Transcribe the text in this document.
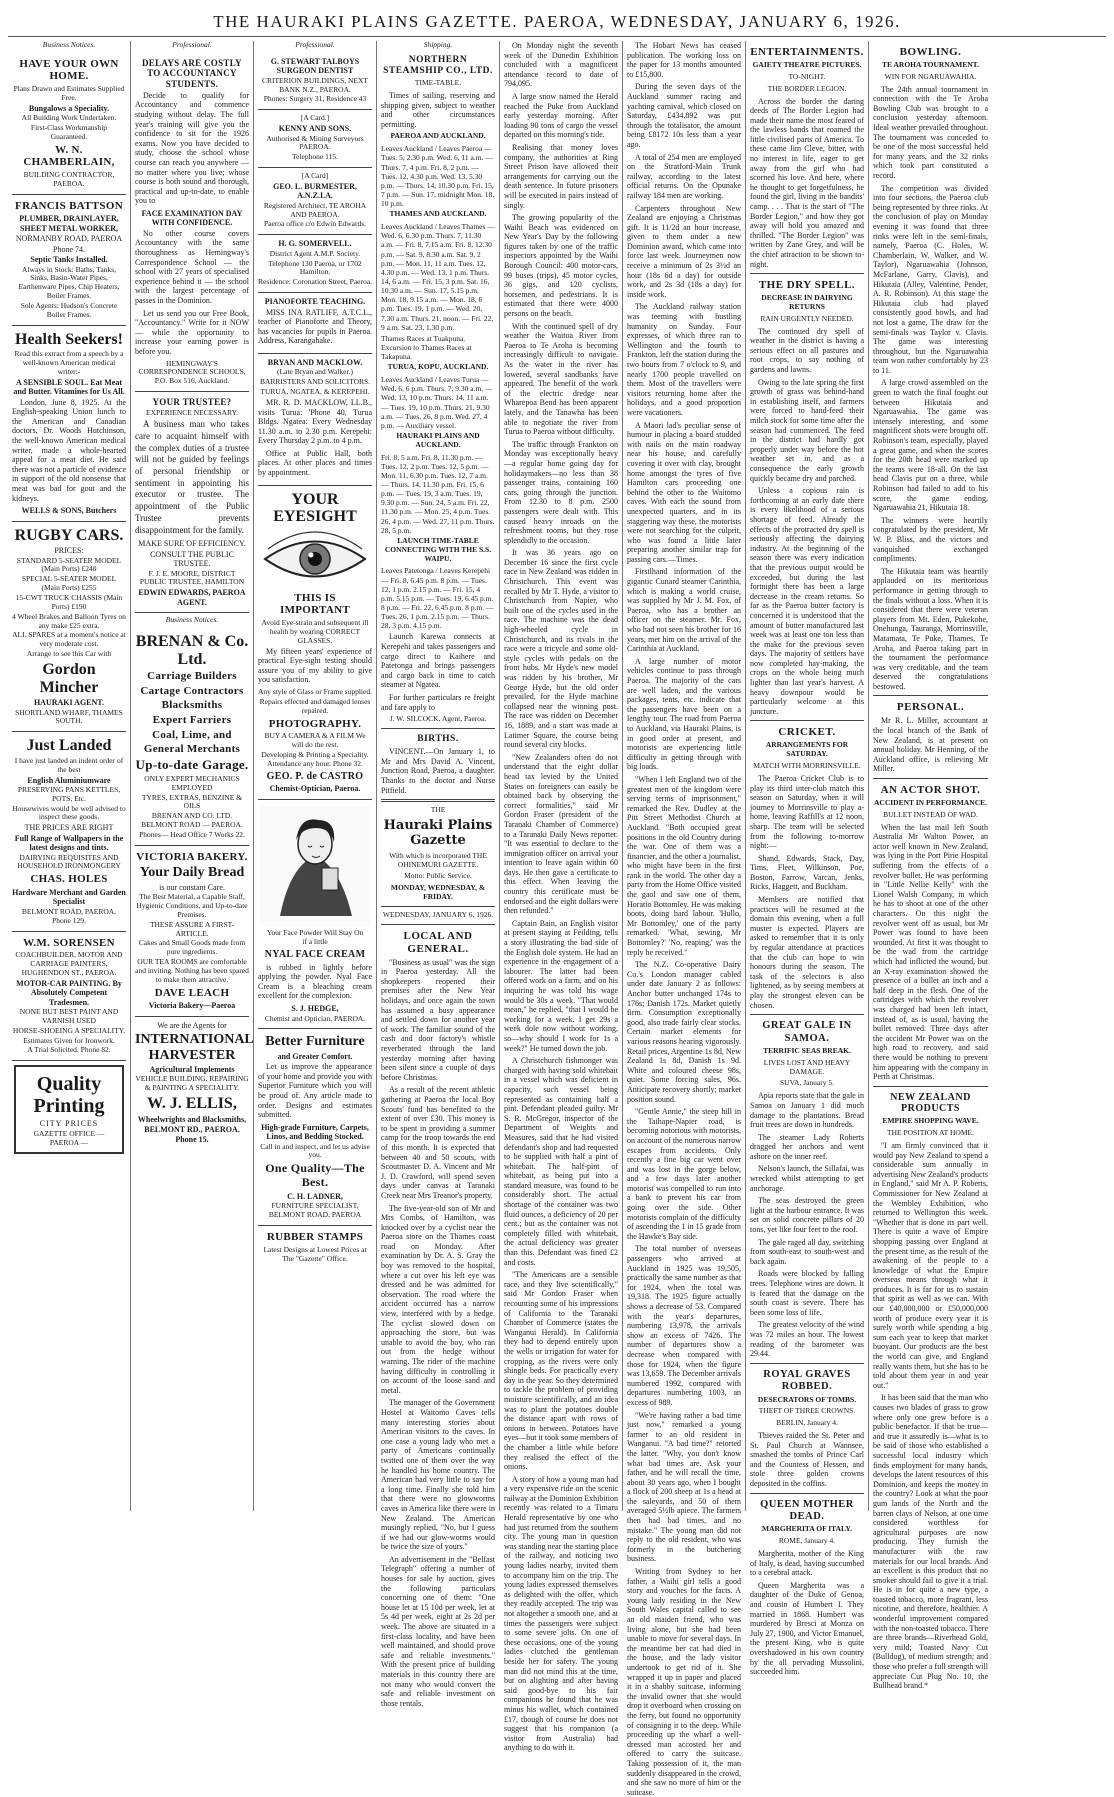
THE HAURAKI PLAINS GAZETTE. PAEROA, WEDNESDAY, JANUARY 6, 1926.
Business Notices.
HAVE YOUR OWN HOME.
Plans Drawn and Estimates Supplied Free.
Bungalows a Speciality.
All Building Work Undertaken.
First-Class Workmanship Guaranteed.
W. N. CHAMBERLAIN,
BUILDING CONTRACTOR, PAEROA.
FRANCIS BATTSON
PLUMBER, DRAINLAYER, SHEET METAL WORKER,
NORMANBY ROAD, PAEROA
Phone 74.
Septic Tanks Installed.
Always in Stock: Baths, Tanks, Sinks, Basin-Water Pipes, Earthenware Pipes, Chip Heaters, Boiler Frames.
Sole Agents: Hudson's Concrete Boiler Frames.
Health Seekers!
Read this extract from a speech by a well-known American medical writer:-
A SENSIBLE SOUL. Eat Meat and Butter. Vitamines for Us All.

London, June 8, 1925. At the English-speaking Union lunch to the American and Canadian doctors, Dr. Woods Hutchinson, the well-known American medical writer, made a whole-hearted appeal for a meat diet. He said there was not a particle of evidence in support of the old nonsense that meat was bad for gout and the kidneys.

WELLS & SONS, Butchers
RUGBY CARS.
PRICES:
STANDARD 5-SEATER MODEL (Main Ports) £240
SPECIAL 5-SEATER MODEL (Main Ports) £255
15-CWT TRUCK CHASSIS (Main Ports) £190
4 Wheel Brakes and Balloon Tyres on any make £25 extra.
ALL SPARES at a moment's notice at very moderate cost.
Arrange to see this Car with
Gordon Mincher
HAURAKI AGENT.
SHORTLAND WHARF, THAMES SOUTH.
Just Landed
I have just landed an indent order of the best
English Aluminiumware
PRESERVING PANS KETTLES, POTS, Etc.
Housewives would be well advised to inspect these goods.
THE PRICES ARE RIGHT
Full Range of Wallpapers in the latest designs and tints.
DAIRYING REQUISITES AND HOUSEHOLD IRONMONGERY
CHAS. HOLES
Hardware Merchant and Garden Specialist
BELMONT ROAD, PAEROA. Phone 129.
W.M. SORENSEN
COACHBUILDER, MOTOR AND CARRIAGE PAINTERS, HUGHENDON ST., PAEROA.
MOTOR-CAR PAINTING. By Absolutely Competent Tradesmen.
NONE BUT BEST PAINT AND VARNISH USED
HORSE-SHOEING A SPECIALITY.
Estimates Given for Ironwork.
A Trial Solicited. Phone 82.
Quality Printing
CITY PRICES
GAZETTE OFFICE — PAEROA —
Professional.
DELAYS ARE COSTLY TO ACCOUNTANCY STUDENTS.

Decide to qualify for Accountancy and commence studying without delay. The full year's training will give you the confidence to sit for the 1926 exams. Now you have decided to study, choose the school whose course can reach you anywhere — no matter where you live; whose course is both sound and thorough, practical and up-to-date, to enable you to

FACE EXAMINATION DAY WITH CONFIDENCE.

No other course covers Accountancy with the same thoroughness as Hemingway's Correspondence School — the school with 27 years of specialised experience behind it — the school with the largest percentage of passes in the Dominion.

Let us send you our Free Book, "Accountancy." Write for it NOW — while the opportunity to increase your earning power is before you.

HEMINGWAY'S CORRESPONDENCE SCHOOLS, P.O. Box 516, Auckland.
YOUR TRUSTEE?
EXPERIENCE NECESSARY.

A business man who takes care to acquaint himself with the complex duties of a trustee will not be guided by feelings of personal friendship or sentiment in appointing his executor or trustee. The appointment of the Public Trustee prevents disappointment for the family.

MAKE SURE OF EFFICIENCY.
CONSULT THE PUBLIC TRUSTEE.
F. J. E. MOORE, DISTRICT PUBLIC TRUSTEE, HAMILTON
EDWIN EDWARDS, PAEROA AGENT.
Business Notices.
BRENAN & Co. Ltd.
Carriage Builders
Cartage Contractors
Blacksmiths
Expert Farriers
Coal, Lime, and
General Merchants
Up-to-date Garage.
ONLY EXPERT MECHANICS EMPLOYED
TYRES, EXTRAS, BENZINE & OILS
BRENAN AND CO. LTD. BELMONT ROAD — PAEROA.
Phones— Head Office 7 Works 22.
VICTORIA BAKERY.
Your Daily Bread
is our constant Care.
The Best Material, a Capable Staff, Hygienic Conditions, and Up-to-date Premises.
THESE ASSURE A FIRST-ARTICLE.
Cakes and Small Goods made from pure ingredients.
OUR TEA ROOMS are comfortable and inviting. Nothing has been spared to make them attractive.
DAVE LEACH
Victoria Bakery—Paeroa
We are the Agents for
INTERNATIONAL HARVESTER
Agricultural Implements
VEHICLE BUILDING, REPAIRING & PAINTING A SPECIALITY.
W. J. ELLIS,
Wheelwrights and Blacksmiths,
BELMONT RD., PAEROA. Phone 15.
Professional.
G. STEWART TALBOYS SURGEON DENTIST
CRITERION BUILDINGS, NEXT BANK N.Z., PAEROA.
Phones: Surgery 31, Residence 43
[A Card.]
KENNY AND SONS.
Authorised & Mining Surveyors PAEROA.
Telephone 115.
[A Card]
GEO. L. BURMESTER, A.N.Z.I.A.
Registered Architect, TE AROHA AND PAEROA.
Paeroa office c/o Edwin Edwards.
H. G. SOMERVELL.
District Agent A.M.P. Society.
Telephone 130 Paeroa, or 1702 Hamilton.
Residence: Coronation Street, Paeroa.
PIANOFORTE TEACHING.

MISS INA RATLIFF, A.T.C.L., teacher of Pianoforte and Theory, has vacancies for pupils in Paeroa. Address, Karangahake.

BRYAN AND MACKLOW.
(Late Bryan and Walker.)
BARRISTERS AND SOLICITORS.
TURUA, NGATEA, & KEREPEHI.

MR. R. D. MACKLOW, LL.B., visits Turua: 'Phone 40, Turua Bldgs. Ngatea: Every Wednesday 11.30 a.m. to 2.30 p.m. Kerepehi: Every Thursday 2 p.m. to 4 p.m.

Office at Public Hall, both places. At other places and times by appointment.

YOUR EYESIGHT
THIS IS IMPORTANT
Avoid Eye-strain and subsequent ill health by wearing CORRECT GLASSES.

My fifteen years' experience of practical Eye-sight testing should assure you of my ability to give you satisfaction.

Any style of Glass or Frame supplied.
Repairs effected and damaged lenses repaired.
PHOTOGRAPHY.
BUY A CAMERA & A FILM We will do the rest.
Developing & Printing a Speciality. Attendance any hour. Phone 32.
GEO. P. de CASTRO
Chemist-Optician, Paeroa.
Your Face Powder Will Stay On
if a little
NYAL FACE CREAM

is rubbed in lightly before applying the powder. Nyal Face Cream is a bleaching cream excellent for the complexion.

S. J. HEDGE,
Chemist and Optician, PAEROA.
Better Furniture
and Greater Comfort.

Let us improve the appearance of your home and provide you with Superior Furniture which you will be proud of. Any article made to order. Designs and estimates submitted.

High-grade Furniture, Carpets, Linos, and Bedding Stocked.
Call in and inspect, and let us advise you.
One Quality—The Best.
C. H. LADNER,
FURNITURE SPECIALIST, BELMONT ROAD, PAEROA
RUBBER STAMPS
Latest Designs at Lowest Prices at The "Gazette" Office.
Shipping.
NORTHERN STEAMSHIP CO., LTD.
TIME-TABLE.

Times of sailing, reserving and shipping given, subject to weather and other circumstances permitting.

PAEROA AND AUCKLAND.
Leaves Auckland / Leaves Paeroa — Tues. 5, 2.30 p.m. Wed. 6, 11 a.m. — Thurs. 7, 4 p.m. Fri. 8, 2 p.m. — Tues. 12, 4.30 p.m. Wed. 13, 5.30 p.m. — Thurs. 14, 10.30 p.m. Fri. 15, 7 p.m. — Sun. 17, midnight Mon. 18, 10 p.m.
THAMES AND AUCKLAND.
Leaves Auckland / Leaves Thames — Wed. 6, 6.30 p.m. Thurs. 7, 11.30 a.m. — Fri. 8, 7.15 a.m. Fri. 8, 12.30 p.m. — Sat. 9, 8.30 a.m. Sat. 9, 2 p.m. — Mon. 11, 11 a.m. Tues. 12, 4.30 p.m. — Wed. 13, 1 p.m. Thurs. 14, 6 a.m. — Fri. 15, 3 p.m. Sat. 16, 10.30 a.m. — Sun. 17, 5.15 p.m. Mon. 18, 9.15 a.m. — Mon. 18, 6 p.m. Tues. 19, 1 p.m. — Wed. 20, 7.30 a.m. Thurs. 21, noon. — Fri. 22, 9 a.m. Sat. 23, 1.30 p.m.
Thames Races at Tuakpuna. Excursion to Thames Races at Takapuna.
TURUA, KOPU, AUCKLAND.
Leaves Auckland / Leaves Turua — Wed. 6, 6 p.m. Thurs. 7, 9.30 a.m. — Wed. 13, 10 p.m. Thurs. 14, 11 a.m. — Tues. 19, 10 p.m. Thurs. 21, 9.30 a.m. — Tues. 26, 8 p.m. Wed. 27, 4 p.m. — Auxiliary vessel.
HAURAKI PLAINS AND AUCKLAND.
Fri. 8, 5 a.m. Fri. 8, 11.30 p.m. — Tues. 12, 2 p.m. Tues. 12, 5 p.m. — Mon. 11, 6.30 p.m. Tues. 12, 7 a.m. — Thurs. 14, 11.30 p.m. Fri. 15, 6 p.m. — Tues. 19, 3 a.m. Tues. 19, 9.30 p.m. — Sun. 24, 5 a.m. Fri. 22, 11.30 p.m. — Mon. 25, 4 p.m. Tues. 26, 4 p.m. — Wed. 27, 11 p.m. Thurs. 28, 5 p.m.
LAUNCH TIME-TABLE CONNECTING WITH THE S.S. WAIPU.
Leaves Patetonga / Leaves Kerepehi — Fri. 8, 6.45 p.m. 8 p.m. — Tues. 12, 1 p.m. 2.15 p.m. — Fri. 15, 4 p.m. 5.15 p.m. — Tues. 19, 6.45 p.m. 8 p.m. — Fri. 22, 6.45 p.m. 8 p.m. — Tues. 26, 1 p.m. 2.15 p.m. — Thurs. 28, 3 p.m. 4.15 p.m.

Launch Karewa connects at Kerepehi and takes passengers and cargo direct to Kaihere and Patetonga and brings passengers and cargo back in time to catch steamer at Ngatea.

For further particulars re freight and fare apply to

J. W. SILCOCK, Agent, Paeroa.
BIRTHS.

VINCENT.—On January 1, to Mr and Mrs David A. Vincent, Junction Road, Paeroa, a daughter. Thanks to the doctor and Nurse Pitfield.

THE
Hauraki Plains Gazette
With which is incorporated THE OHINEMURI GAZETTE.
Motto: Public Service.
MONDAY, WEDNESDAY, & FRIDAY.
WEDNESDAY, JANUARY 6, 1926.
LOCAL AND GENERAL.

"Business as usual" was the sign in Paeroa yesterday. All the shopkeepers reopened their premises after the New Year holidays, and once again the town has assumed a busy appearance and settled down for another year of work. The familiar sound of the cash and door factory's whistle reverberated through the land yesterday morning after having been silent since a couple of days before Christmas.

As a result of the recent athletic gathering at Paeroa the local Boy Scouts' fund has benefited to the extent of over £30. This money is to be spent in providing a summer camp for the troop towards the end of this month. It is expected that between 40 and 50 scouts, with Scoutmaster D. A. Vincent and Mr J. D. Crawford, will spend seven days under canvas at Taranaki Creek near Mrs Treanor's property.

The five-year-old son of Mr and Mrs Combs, of Hamilton, was knocked over by a cyclist near the Paeroa store on the Thames coast road on Monday. After examination by Dr. A. S. Gray the boy was removed to the hospital, where a cut over his left eye was dressed and he was admitted for observation. The road where the accident occurred has a narrow view, interfered with by a hedge. The cyclist slowed down on approaching the store, but was unable to avoid the boy, who ran out from the hedge without warning. The rider of the machine having difficulty in controlling it on account of the loose sand and metal.

The manager of the Government Hostel at Waitomo Caves tells many interesting stories about American visitors to the caves. In one case a young lady who met a party of Americans continually twitted one of them over the way he handled his home country. The American had very little to say for a long time. Finally she told him that there were no glowworms caves in America like there were in New Zealand. The American musingly replied, "No, but I guess if we had our glow-worms would be twice the size of yours."

An advertisement in the "Belfast Telegraph" offering a number of houses for sale by auction, gives the following particulars concerning one of them: "One house let at 15 10d per week, let at 5s 4d per week, eight at 2s 2d per week. The above are situated in a first-class locality, and have been well maintained, and should prove safe and reliable investments." With the present price of building materials in this country there are not many who would convert the safe and reliable investment on those rentals.

On Monday night the seventh week of the Dunedin Exhibition concluded with a magnificent attendance record to date of 794,095.

A large snow named the Herald reached the Puke from Auckland early yesterday morning. After loading 90 tons of cargo the vessel departed on this morning's tide.

Realising that money loves company, the authorities at Ring Street Prison have allowed their arrangements for carrying out the death sentence. In future prisoners will be executed in pairs instead of singly.

The growing popularity of the Waihi Beach was evidenced on New Year's Day by the following figures taken by one of the traffic inspectors appointed by the Waihi Borough Council: 400 motor-cars, 99 buses (trips), 45 motor cycles, 36 gigs, and 120 cyclists, horsemen, and pedestrians. It is estimated that there were 4000 persons on the beach.

With the continued spell of dry weather the Waitoa River from Paeroa to Te Aroha is becoming increasingly difficult to navigate. As the water in the river has lowered, several sandbanks have appeared. The benefit of the work of the electric dredge near Wharepoa Bend has been apparent lately, and the Tanawha has been able to negotiate the river from Turua to Paeroa without difficulty.

The traffic through Frankton on Monday was exceptionally heavy—a regular home going day for holidaymakers—no less than 38 passenger trains, containing 160 cars, going through the junction. From 12.30 to 8 p.m. 2500 passengers were dealt with. This caused heavy inroads on the refreshment rooms, but they rose splendidly to the occasion.

It was 36 years ago on December 16 since the first cycle race in New Zealand was ridden in Christchurch. This event was recalled by Mr T. Hyde, a visitor to Christchurch from Napier, who built one of the cycles used in the race. The machine was the dead high-wheeled cycle in Christchurch, and its rivals in the race were a tricycle and some old-style cycles with pedals on the front hubs. Mr Hyde's new model was ridden by his brother, Mr George Hyde, but the old order prevailed, for the Hyde machine collapsed near the winning post. The race was ridden on December 16, 1889, and a start was made at Latimer Square, the course being round several city blocks.

"New Zealanders often do not understand that the eight dollar head tax levied by the United States on foreigners can easily be obtained back by observing the correct formalities," said Mr Gordon Fraser (president of the Taranaki Chamber of Commerce) to a Taranaki Daily News reporter. "It was essential to declare to the immigration officer on arrival your intention to leave again within 60 days. He then gave a certificate to this effect. When leaving the country this certificate must be endorsed and the eight dollars were then refunded."

Captain Bain, an English visitor at present staying at Feilding, tells a story illustrating the bad side of the English dole system. He had an experience in the engagement of a labourer. The latter had been offered work on a farm, and on his inquiring he was told his wage would be 30s a week. "That would mean," he replied, "that I would be working for a week. I get 29s a week dole now without working, so—why should I work for 1s a week?" He turned down the job.

A Christchurch fishmonger was charged with having sold whitebait in a vessel which was deficient in capacity, such vessel being represented as containing half a pint. Defendant pleaded guilty. Mr S. R. McGregor, inspector of the Department of Weights and Measures, said that he had visited defendant's shop and had requested to be supplied with half a pint of whitebait. The half-pint of whitebait, as being put into a standard measure, was found to be considerably short. The actual shortage of the container was two fluid ounces, a deficiency of 20 per cent.; but as the container was not completely filled with whitebait, the actual deficiency was greater than this. Defendant was fined £2 and costs.

"The Americans are a sensible race, and they live scientifically," said Mr Gordon Fraser when recounting some of his impressions of California to the Taranaki Chamber of Commerce (states the Wanganui Herald). In California they had to depend entirely upon the wells or irrigation for water for cropping, as the rivers were only shingle beds. For practically every day in the year. So they determined to tackle the problem of providing moisture scientifically, and an idea was to plant the potatoes double the distance apart with rows of onions in between. Potatoes have eyes—but it took some members of the chamber a little while before they realised the effect of the onions.

A story of how a young man had a very expensive ride on the scenic railway at the Dominion Exhibition recently was related to a Timaru Herald representative by one who had just returned from the southern city. The young man in question was standing near the starting place of the railway, and noticing two young ladies nearby, invited them to accompany him on the trip. The young ladies expressed themselves as delighted with the offer, which they readily accepted. The trip was not altogether a smooth one, and at times the passengers were subject to some severe jolts. On one of these occasions, one of the young ladies clutched the gentleman beside her for safety. The young man did not mind this at the time, but on alighting and after having said good-bye to his fair companions he found that he was minus his wallet, which contained £17, though of course he does not suggest that his companion (a visitor from Australia) had anything to do with it.

The Hobart News has ceased publication. The working loss on the paper for 13 months amounted to £15,800.

During the seven days of the Auckland summer racing and yachting carnival, which closed on Saturday, £434,892 was put through the totalisator, the amount being £8172 10s less than a year ago.

A total of 254 men are employed on the Stratford-Main Trunk railway, according to the latest official returns. On the Opunake railway 184 men are working.

Carpenters throughout New Zealand are enjoying a Christmas gift. It is 11/2d an hour increase, given to them under a new Dominion award, which came into force last week. Journeymen now receive a minimum of 2s 3½d an hour (18s 6d a day) for outside work, and 2s 3d (18s a day) for inside work.

The Auckland railway station was teeming with bustling humanity on Sunday. Four expresses, of which three ran to Wellington and the fourth to Frankton, left the station during the two hours from 7 o'clock to 9, and nearly 1700 people travelled on them. Most of the travellers were visitors returning home after the holidays, and a good proportion were vacationers.

A Maori lad's peculiar sense of humour in placing a board studded with nails on the main roadway near his house, and carefully covering it over with clay, brought home amongst the tyres of five Hamilton cars proceeding one behind the other to the Waitomo caves. With each the sound from unexpected quarters, and in its staggering way these, the motorists were not searching for the culprit, who was found a little later preparing another similar trap for passing cars.—Times.

Firstlhand information of the gigantic Cunard steamer Carinthia, which is making a world cruise, was supplied by Mr J. M. Fox, of Paeroa, who has a brother an officer on the steamer. Mr. Fox, who had not seen his brother for 16 years, met him on the arrival of the Carinthia at Auckland.

A large number of motor vehicles continue to pass through Paeroa. The majority of the cars are well laden, and the various packages, tents, etc. indicate that the passengers have been on a lengthy tour. The road from Paeroa to Auckland, via Hauraki Plains, is in good order at present, and motorists are experiencing little difficulty in getting through with big loads.

"When I left England two of the greatest men of the kingdom were serving terms of imprisonment," remarked the Rev. Dudley at the Pitt Street Methodist Church at Auckland. "Both occupied great positions in the old Country during the war. One of them was a financier, and the other a journalist, who might have been in the first rank in the world. The other day a party from the Home Office visited the gaol and saw one of them, Horatio Bottomley. He was making boots, doing hard labour. 'Hullo, Mr Bottomley,' one of the party remarked. 'What, sewing, Mr Bottomley?' 'No, reaping,' was the reply he received."

The N.Z. Co-operative Dairy Co.'s London manager cabled under date January 2 as follows: Anchor butter unchanged 174s to 176s; Danish 172s. Market quietly firm. Consumption exceptionally good, also trade fairly clear stocks. Certain market elements for various reasons hearing vigorously. Retail prices, Argentine 1s 8d, New Zealand 1s 8d, Danish 1s 9d. White and coloured cheese 98s, quiet. Some forcing sales, 96s. Anticipate recovery shortly; market position sound.

"Gentle Annie," the steep hill in the Taihape-Napier road, is becoming notorious with motorists, on account of the numerous narrow escapes from accidents. Only recently a fine big car went over and was lost in the gorge below, and a few days later another motorist was compelled to run into a bank to prevent his car from going over the side. Other motorists complain of the difficulty of ascending the 1 in 15 grade from the Hawke's Bay side.

The total number of overseas passengers who arrived at Auckland in 1925 was 19,505, practically the same number as that for 1924, when the total was 19,318. The 1925 figure actually shows a decrease of 53. Compared with the year's departures, numbering 13,978, the arrivals show an excess of 7426. The number of departures show a decrease when compared with those for 1924, when the figure was 13,659. The December arrivals numbered 1992, compared with departures numbering 1003, an excess of 989.

"We're having rather a bad time just now," remarked a young farmer to an old resident in Wanganui. "A bad time?" retorted the latter. "Why, you don't know what bad times are. Ask your father, and he will recall the time, about 30 years ago, when I bought a flock of 200 sheep at 1s a head at the saleyards, and 50 of them averaged 5½lb apiece. The farmers then had bad times, and no mistake." The young man did not reply to the old resident, who was formerly in the butchering business.

Writing from Sydney to her father, a Waihi girl tells a good story and vouches for the facts. A young lady residing in the New South Wales capital called to see an old maiden friend, who was living alone, but she had been unable to move for several days. In the meantime her cat had died in the house, and the lady visitor undertook to get rid of it. She wrapped it up in paper and placed it in a shabby suitcase, informing the invalid owner that she would drop it overboard when crossing on the ferry, but found no opportunity of consigning it to the deep. While proceeding up the wharf a well-dressed man accosted her and offered to carry the suitcase. Taking possession of it, the man suddenly disappeared in the crowd, and she saw no more of him or the suitcase.

ENTERTAINMENTS.
GAIETY THEATRE PICTURES.
TO-NIGHT.
THE BORDER LEGION.

Across the border the daring deeds of The Border Legion had made their name the most feared of the lawless bands that roamed the little civilised parts of America. To these came Jim Cleve, bitter, with no interest in life, eager to get away from the girl who had scorned his love. And here, where he thought to get forgetfulness, he found the girl, living in the bandits' camp. . . . That is the start of "The Border Legion," and how they got away will hold you amazed and thrilled. "The Border Legion" was written by Zane Grey, and will be the chief attraction to be shown to-night.

THE DRY SPELL.
DECREASE IN DAIRYING RETURNS
RAIN URGENTLY NEEDED.

The continued dry spell of weather in the district is having a serious effect on all pastures and root crops, to say nothing of gardens and lawns.

Owing to the late spring the first growth of grass was behind-hand in establishing itself, and farmers were forced to hand-feed their milch stock for some time after the season had commenced. The feed in the district had hardly got properly under way before the hot weather set in, and as a consequence the early growth quickly became dry and parched.

Unless a copious rain is forthcoming at an early date there is every likelihood of a serious shortage of feed. Already the effects of the protracted dry spell is seriously affecting the dairying industry. At the beginning of the season there was every indication that the previous output would be exceeded, but during the last fortnight there has been a large decrease in the cream returns. So far as the Paeroa butter factory is concerned it is understood that the amount of butter manufactured last week was at least one ton less than the make for the previous seven days. The majority of settlers have now completed hay-making, the crops on the whole being much lighter than last year's harvest. A heavy downpour would be particularly welcome at this juncture.

CRICKET.
ARRANGEMENTS FOR SATURDAY.
MATCH WITH MORRINSVILLE.

The Paeroa Cricket Club is to play its third inter-club match this season on Saturday, when it will journey to Morrinsville to play a-home, leaving Raffill's at 12 noon, sharp. The team will be selected from the following to-morrow night:—

Shand, Edwards, Stack, Day, Tims, Fleet, Wilkinson, Poe, Boston, Farrow, Varcan, Jenks, Ricks, Haggett, and Buckham.

Members are notified that practices will be resumed at the domain this evening, when a full muster is expected. Players are asked to remember that it is only by regular attendance at practices that the club can hope to win honours during the season. The task of the selectors is also lightened, as by seeing members at play the strongest eleven can be chosen.

GREAT GALE IN SAMOA.
TERRIFIC SEAS BREAK.
LIVES LOST AND HEAVY DAMAGE.
SUVA, January 5.

Apia reports state that the gale in Samoa on January 1 did much damage to the plantations. Bread fruit trees are down in hundreds.

The steamer Lady Roberts dragged her anchors and went ashore on the inner reef.

Nelson's launch, the Sillafai, was wrecked whilst attempting to get anchorage.

The seas destroyed the green light at the harbour entrance. It was set on solid concrete pillars of 20 tons, yet like four feet to the roof.

The gale raged all day, switching from south-east to south-west and back again.

Roads were blocked by falling trees. Telephone wires are down. It is feared that the damage on the south coast is severe. There has been some loss of life.

The greatest velocity of the wind was 72 miles an hour. The lowest reading of the barometer was 29.44.

ROYAL GRAVES ROBBED.
DESECRATORS OF TOMBS.
THEFT OF THREE CROWNS.
BERLIN, January 4.

Thieves raided the St. Peter and St. Paul Church at Wannsee, smashed the tombs of Prince Carl and the Countess of Hessen, and stole three golden crowns deposited in the coffins.

QUEEN MOTHER DEAD.
MARGHERITA OF ITALY.
ROME, January 4.

Margherita, mother of the King of Italy, is dead, having succumbed to a cerebral attack.

Queen Margherita was a daughter of the Duke of Genoa, and cousin of Humbert I. They married in 1868. Humbert was murdered by Bresci at Monza on July 27, 1900, and Victor Emanuel, the present King, who is quite overshadowed in his own country by the all pervading Mussolini, succeeded him.

BOWLING.
TE AROHA TOURNAMENT.
WIN FOR NGARUAWAHIA.

The 24th annual tournament in connection with the Te Aroha Bowling Club was brought to a conclusion yesterday afternoon. Ideal weather prevailed throughout. The tournament was conceded to be one of the most successful held for many years, and the 32 rinks which took part constituted a record.

The competition was divided into four sections, the Paeroa club being represented by three rinks. At the conclusion of play on Monday evening it was found that three rinks were left in the semi-finals, namely, Paeroa (C. Holes, W. Chamberlain, W. Walker, and W. Taylor), Ngaruawahia (Johnson, McFarlane, Garry, Clavis), and Hikutaia (Alley, Valentine, Pender, A. R. Robinson). At this stage the Hikutaia club had played consistently good bowls, and had not lost a game. The draw for the semi-finals was Taylor v. Clavis. The game was interesting throughout, but the Ngaruawahia team won rather comfortably by 23 to 11.

A large crowd assembled on the green to watch the final fought out between Hikutaia and Ngaruawahia. The game was intensely interesting, and some magnificent shots were brought off. Robinson's team, especially, played a great game, and when the scores for the 20th head were marked up the teams were 18-all. On the last head Clavis put on a three, while Robinson had failed to add to his score, the game ending, Ngaruawahia 21, Hikutaia 18.

The winners were heartily congratulated by the president, Mr W. P. Bliss, and the victors and vanquished exchanged compliments.

The Hikutaia team was heartily applauded on its meritorious performance in getting through to the finals without a loss. When it is considered that there were veteran players from Mt. Eden, Pukekohe, Onehunga, Tauranga, Morrinsville, Matamata, Te Puke, Thames, Te Aroha, and Paeroa taking part in the tournament the performance was very creditable, and the team deserved the congratulations bestowed.

PERSONAL.

Mr R. L. Miller, accountant at the local branch of the Bank of New Zealand, is at present on annual holiday. Mr Henning, of the Auckland office, is relieving Mr Miller.

AN ACTOR SHOT.
ACCIDENT IN PERFORMANCE.
BULLET INSTEAD OF WAD.

When the last mail left South Australia Mr Walton Power, an actor well known in New Zealand, was lying in the Port Pirie Hospital suffering from the effects of a revolver bullet. He was performing in "Little Nellie Kelly" with the Lionel Walsh Company, in which he has to shoot at one of the other characters. On this night the revolver went off as usual, but Mr Power was found to have been wounded. At first it was thought to be the wad from the cartridge which had inflicted the wound, but an X-ray examination showed the presence of a bullet an inch and a half deep in the flesh. One of the cartridges with which the revolver was charged had been left intact, instead of, as is usual, having the bullet removed. Three days after the accident Mr Power was on the high road to recovery, and said there would be nothing to prevent him appearing with the company in Perth at Christmas.

NEW ZEALAND PRODUCTS
EMPIRE SHOPPING WAVE.
THE POSITION AT HOME.

"I am firmly convinced that it would pay New Zealand to spend a considerable sum annually in advertising New Zealand's products in England," said Mr A. P. Roberts, Commissioner for New Zealand at the Wembley Exhibition, who returned to Wellington this week. "Whether that is done its part well. There is quite a wave of Empire shopping passing over England at the present time, as the result of the awakening of the people to a knowledge of what the Empire overseas means through what it produces. It is far for us to sustain that spirit as well as we can. With our £40,000,000 or £50,000,000 worth of produce every year it is surely worth while spending a big sum each year to keep that market buoyant. Our products are the best the world can give, and England really wants them, but she has to be told about them year in and year out."

It has been said that the man who causes two blades of grass to grow where only one grew before is a public benefactor. If that be true—and true it assuredly is—what is to be said of those who established a successful local industry which finds employment for many hands, develops the latent resources of this Dominion, and keeps the money in the country? Look at what the poor gum lands of the North and the barren clays of Nelson, at one time considered worthless for agricultural purposes are now producing. They furnish the manufacturer with the raw materials for our local brands. And an excellent is this product that no smoker should fail to give it a trial. He is in for quite a new type, a toasted tobacco, more fragrant, less nicotine, and therefore, healthier. A wonderful improvement compared with the non-toasted tobacco. There are three brands—Riverhead Gold, very mild; Toasted Navy Cut (Bulldog), of medium strength; and those who prefer a full strength will appreciate Cut Plug No. 10, the Bullhead brand.*
